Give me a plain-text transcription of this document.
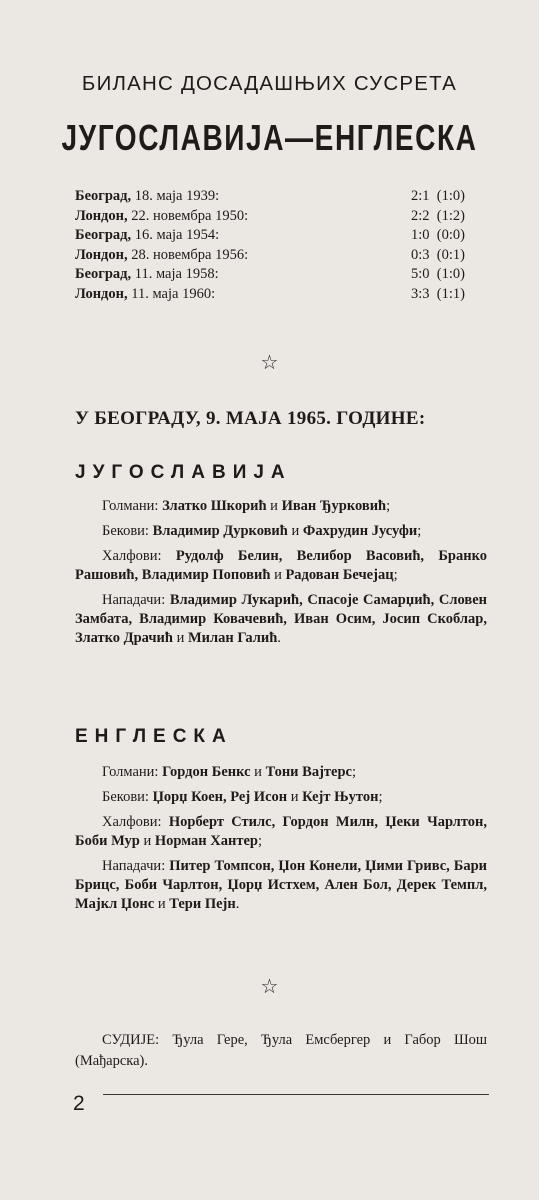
БИЛАНС ДОСАДАШЊИХ СУСРЕТА
ЈУГОСЛАВИЈА—ЕНГЛЕСКА
Београд, 18. маја 1939:	2:1  (1:0)
Лондон, 22. новембра 1950:	2:2  (1:2)
Београд, 16. маја 1954:	1:0  (0:0)
Лондон, 28. новембра 1956:	0:3  (0:1)
Београд, 11. маја 1958:	5:0  (1:0)
Лондон, 11. маја 1960:	3:3  (1:1)
☆
У БЕОГРАДУ, 9. МАЈА 1965. ГОДИНЕ:
ЈУГОСЛАВИЈА

Голмани: Златко Шкорић и Иван Ђурковић;

Бекови: Владимир Дурковић и Фахрудин Јусуфи;

Халфови: Рудолф Белин, Велибор Васовић, Бранко Рашовић, Владимир Поповић и Радован Бечејац;

Нападачи: Владимир Лукарић, Спасоје Самарџић, Словен Замбата, Владимир Ковачевић, Иван Осим, Јосип Скоблар, Златко Драчић и Милан Галић.

ЕНГЛЕСКА

Голмани: Гордон Бенкс и Тони Вајтерс;

Бекови: Џорџ Коен, Реј Исон и Кејт Њутон;

Халфови: Норберт Стилс, Гордон Милн, Џеки Чарлтон, Боби Мур и Норман Хантер;

Нападачи: Питер Томпсон, Џон Конели, Џими Гривс, Бари Брицс, Боби Чарлтон, Џорџ Истхем, Ален Бол, Дерек Темпл, Мајкл Џонс и Тери Пејн.

☆
СУДИЈЕ: Ђула Гере, Ђула Емсбергер и Габор Шош (Мађарска).
2
